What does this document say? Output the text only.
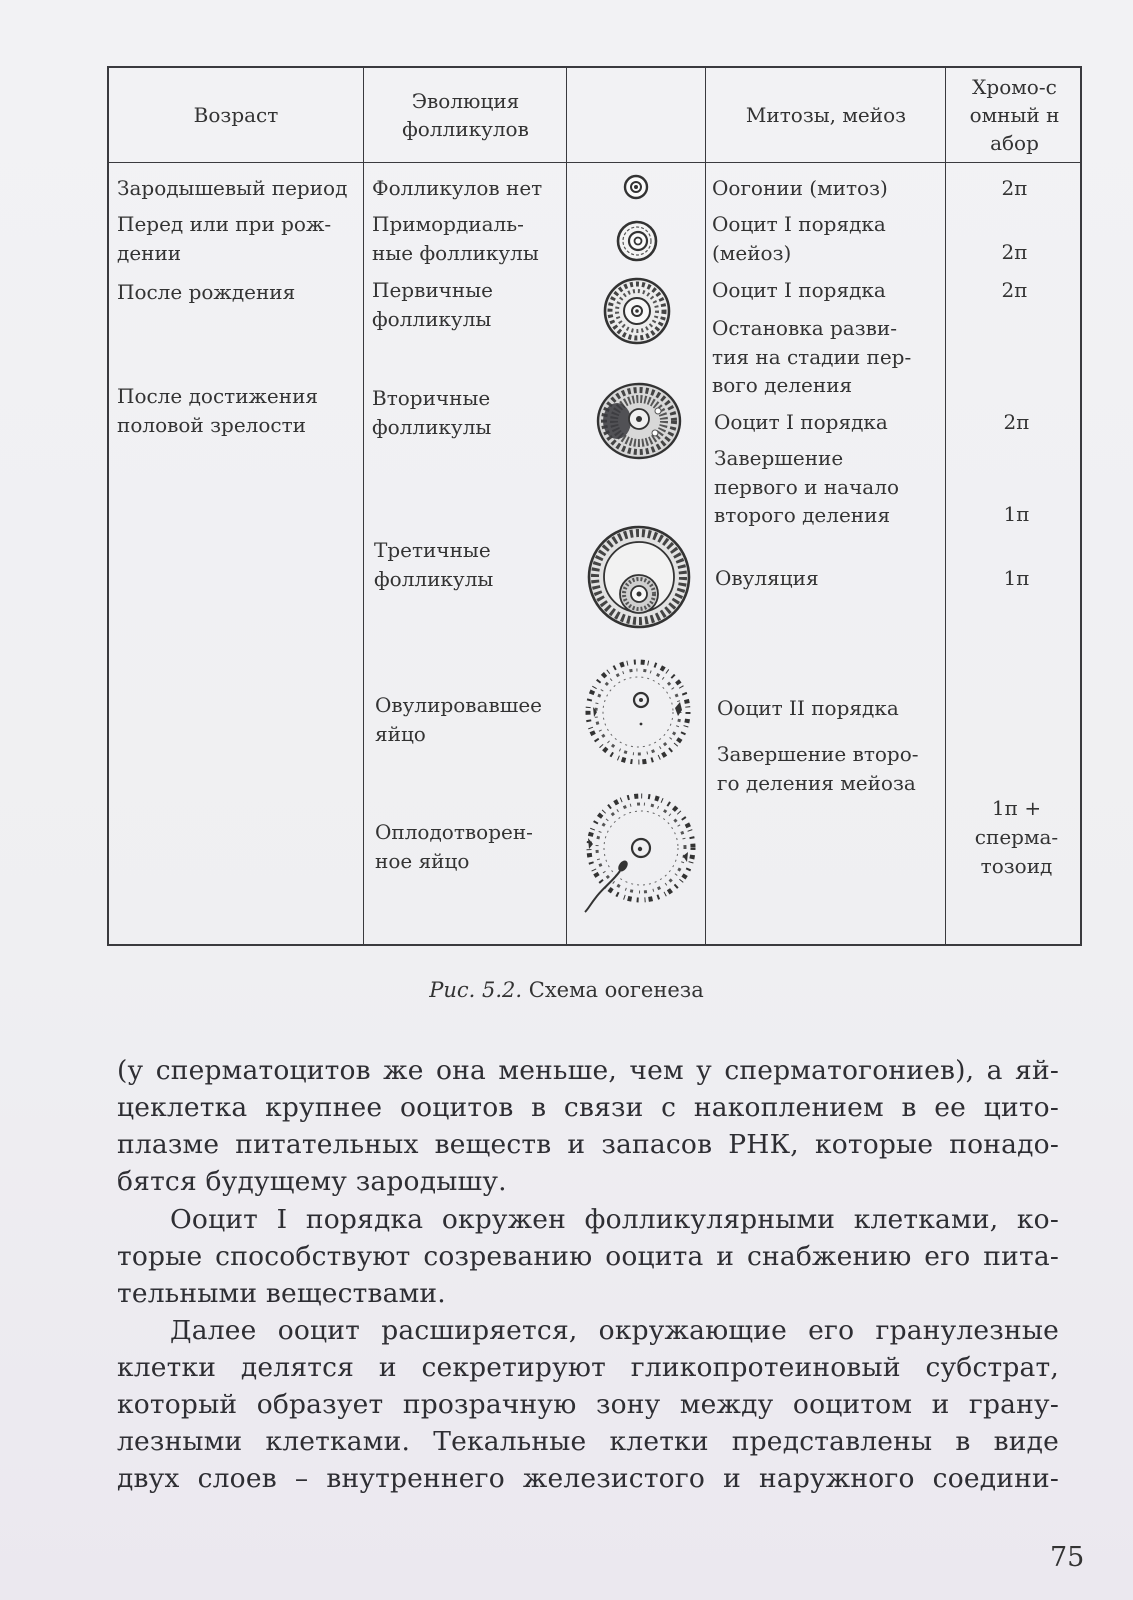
Возраст
Эволюция фолликулов
Митозы, мейоз
Хромо-сомный набор
Зародышевый период
Перед или при рож-
дении
После рождения
После достижения
половой зрелости
Фолликулов нет
Примордиаль-
ные фолликулы
Первичные
фолликулы
Вторичные
фолликулы
Третичные
фолликулы
Овулировавшее
яйцо
Оплодотворен-
ное яйцо
Оогонии (митоз)
Ооцит I порядка
(мейоз)
Ооцит I порядка
Остановка разви-
тия на стадии пер-
вого деления
Ооцит I порядка
Завершение
первого и начало
второго деления
Овуляция
Ооцит II порядка
Завершение второ-
го деления мейоза
2п
2п
2п
2п
1п
1п
1п +
сперма-
тозоид
Рис. 5.2. Схема оогенеза
(у сперматоцитов же она меньше, чем у сперматогониев), а яй-
цеклетка крупнее ооцитов в связи с накоплением в ее цито-
плазме питательных веществ и запасов РНК, которые понадо-
бятся будущему зародышу.
Ооцит I порядка окружен фолликулярными клетками, ко-
торые способствуют созреванию ооцита и снабжению его пита-
тельными веществами.
Далее ооцит расширяется, окружающие его гранулезные
клетки делятся и секретируют гликопротеиновый субстрат,
который образует прозрачную зону между ооцитом и грану-
лезными клетками. Текальные клетки представлены в виде
двух слоев – внутреннего железистого и наружного соедини-
75
